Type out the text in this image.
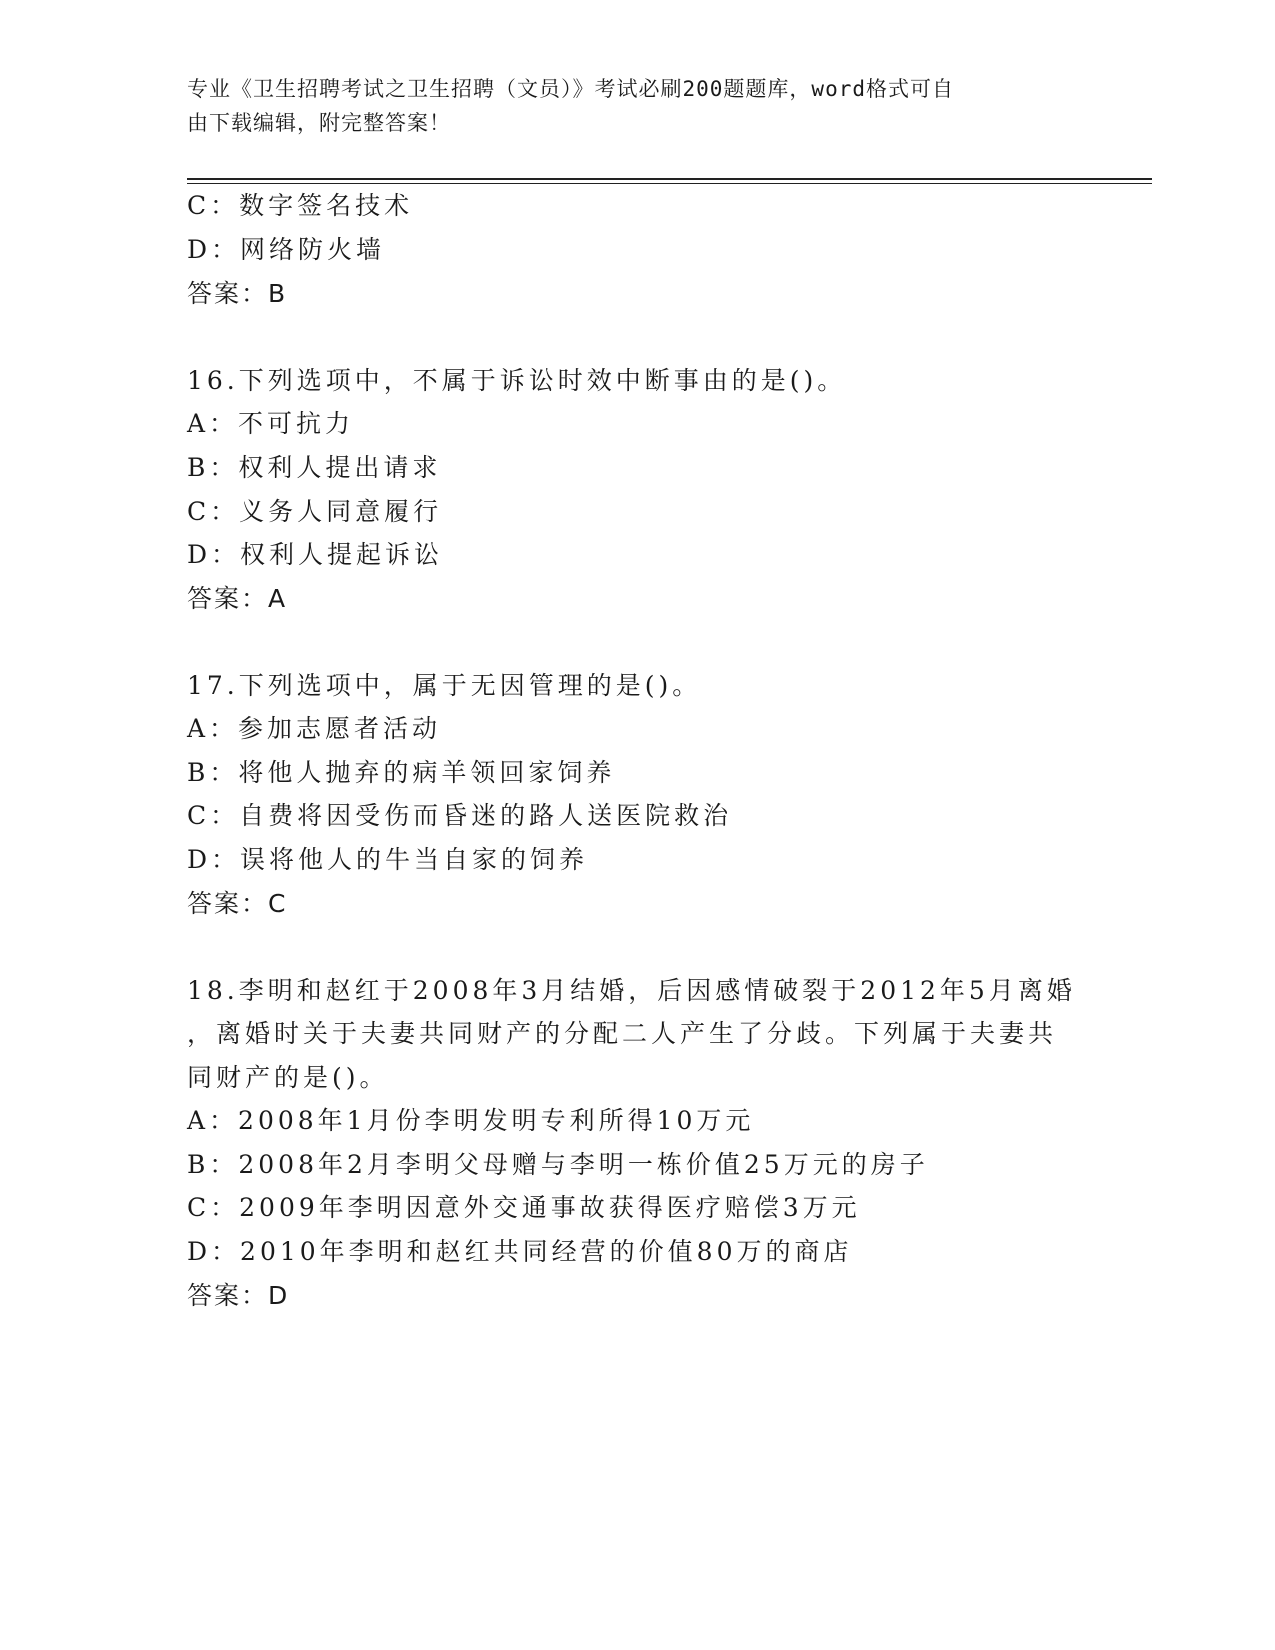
专业《卫生招聘考试之卫生招聘（文员）》考试必刷200题题库，word格式可自
由下载编辑，附完整答案！
C：数字签名技术
D：网络防火墙
答案：B
16.下列选项中，不属于诉讼时效中断事由的是()。
A：不可抗力
B：权利人提出请求
C：义务人同意履行
D：权利人提起诉讼
答案：A
17.下列选项中，属于无因管理的是()。
A：参加志愿者活动
B：将他人抛弃的病羊领回家饲养
C：自费将因受伤而昏迷的路人送医院救治
D：误将他人的牛当自家的饲养
答案：C
18.李明和赵红于2008年3月结婚，后因感情破裂于2012年5月离婚
，离婚时关于夫妻共同财产的分配二人产生了分歧。下列属于夫妻共
同财产的是()。
A：2008年1月份李明发明专利所得10万元
B：2008年2月李明父母赠与李明一栋价值25万元的房子
C：2009年李明因意外交通事故获得医疗赔偿3万元
D：2010年李明和赵红共同经营的价值80万的商店
答案：D
